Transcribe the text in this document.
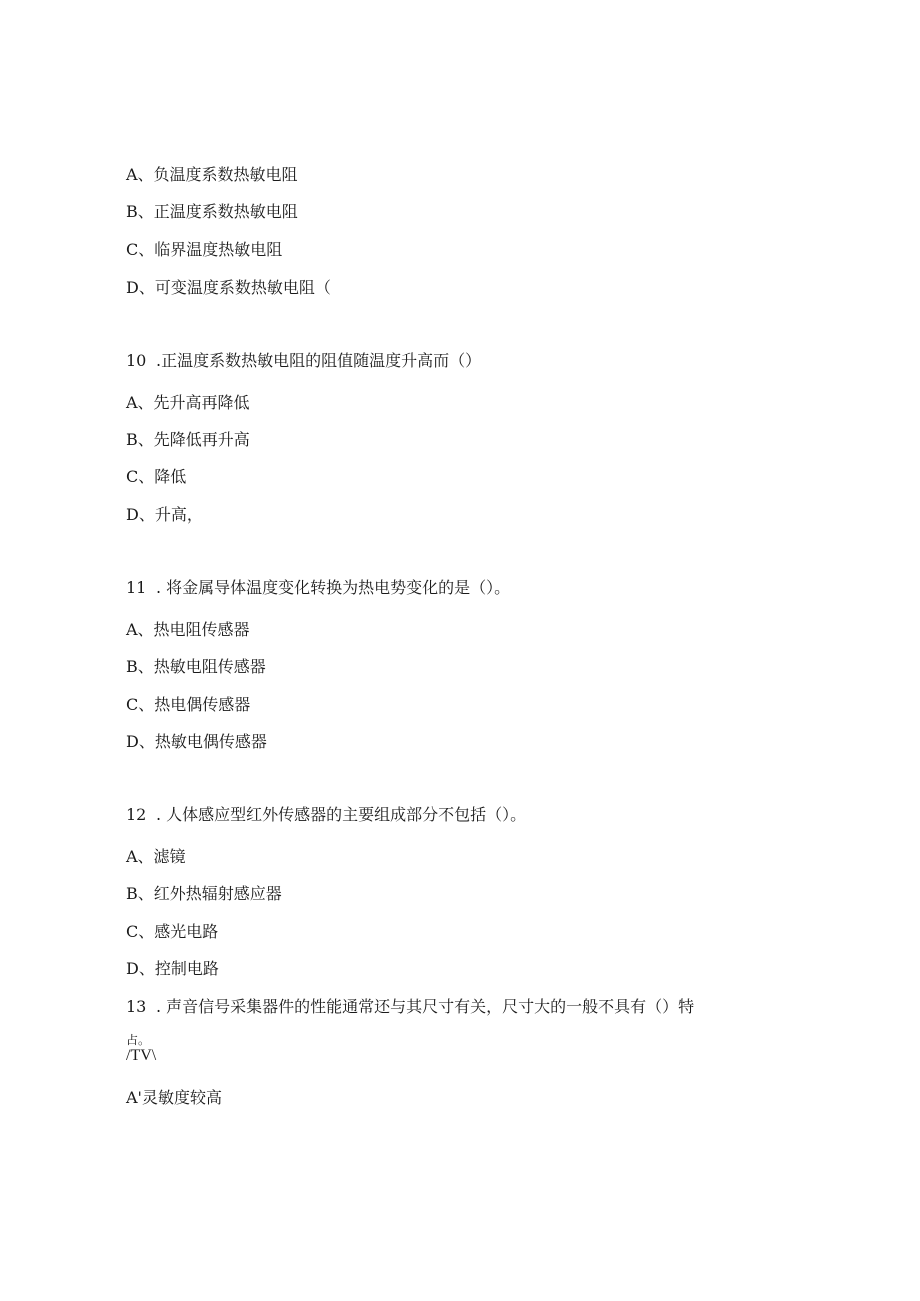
A、负温度系数热敏电阻
B、正温度系数热敏电阻
C、临界温度热敏电阻
D、可变温度系数热敏电阻（
10 .正温度系数热敏电阻的阻值随温度升高而（）
A、先升高再降低
B、先降低再升高
C、降低
D、升高，
11 . 将金属导体温度变化转换为热电势变化的是（）。
A、热电阻传感器
B、热敏电阻传感器
C、热电偶传感器
D、热敏电偶传感器
12 . 人体感应型红外传感器的主要组成部分不包括（）。
A、滤镜
B、红外热辐射感应器
C、感光电路
D、控制电路
13 . 声音信号采集器件的性能通常还与其尺寸有关，尺寸大的一般不具有（）特
占。
/TV\
A'灵敏度较高
